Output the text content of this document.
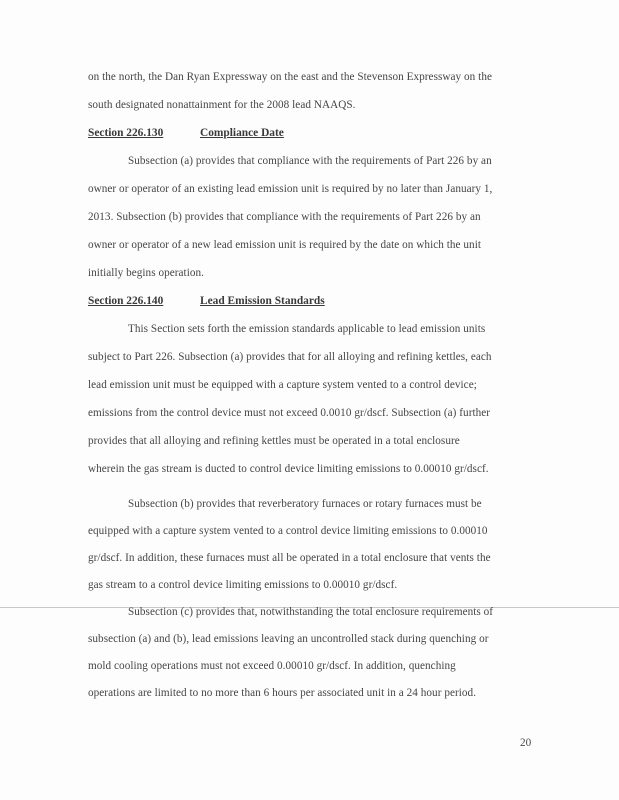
on the north, the Dan Ryan Expressway on the east and the Stevenson Expressway on the
south designated nonattainment for the 2008 lead NAAQS.
Section 226.130	Compliance Date
Subsection (a) provides that compliance with the requirements of Part 226 by an
owner or operator of an existing lead emission unit is required by no later than January 1,
2013. Subsection (b) provides that compliance with the requirements of Part 226 by an
owner or operator of a new lead emission unit is required by the date on which the unit
initially begins operation.
Section 226.140	Lead Emission Standards
This Section sets forth the emission standards applicable to lead emission units
subject to Part 226. Subsection (a) provides that for all alloying and refining kettles, each
lead emission unit must be equipped with a capture system vented to a control device;
emissions from the control device must not exceed 0.0010 gr/dscf. Subsection (a) further
provides that all alloying and refining kettles must be operated in a total enclosure
wherein the gas stream is ducted to control device limiting emissions to 0.00010 gr/dscf.
Subsection (b) provides that reverberatory furnaces or rotary furnaces must be
equipped with a capture system vented to a control device limiting emissions to 0.00010
gr/dscf. In addition, these furnaces must all be operated in a total enclosure that vents the
gas stream to a control device limiting emissions to 0.00010 gr/dscf.
Subsection (c) provides that, notwithstanding the total enclosure requirements of
20
subsection (a) and (b), lead emissions leaving an uncontrolled stack during quenching or
mold cooling operations must not exceed 0.00010 gr/dscf. In addition, quenching
operations are limited to no more than 6 hours per associated unit in a 24 hour period.
